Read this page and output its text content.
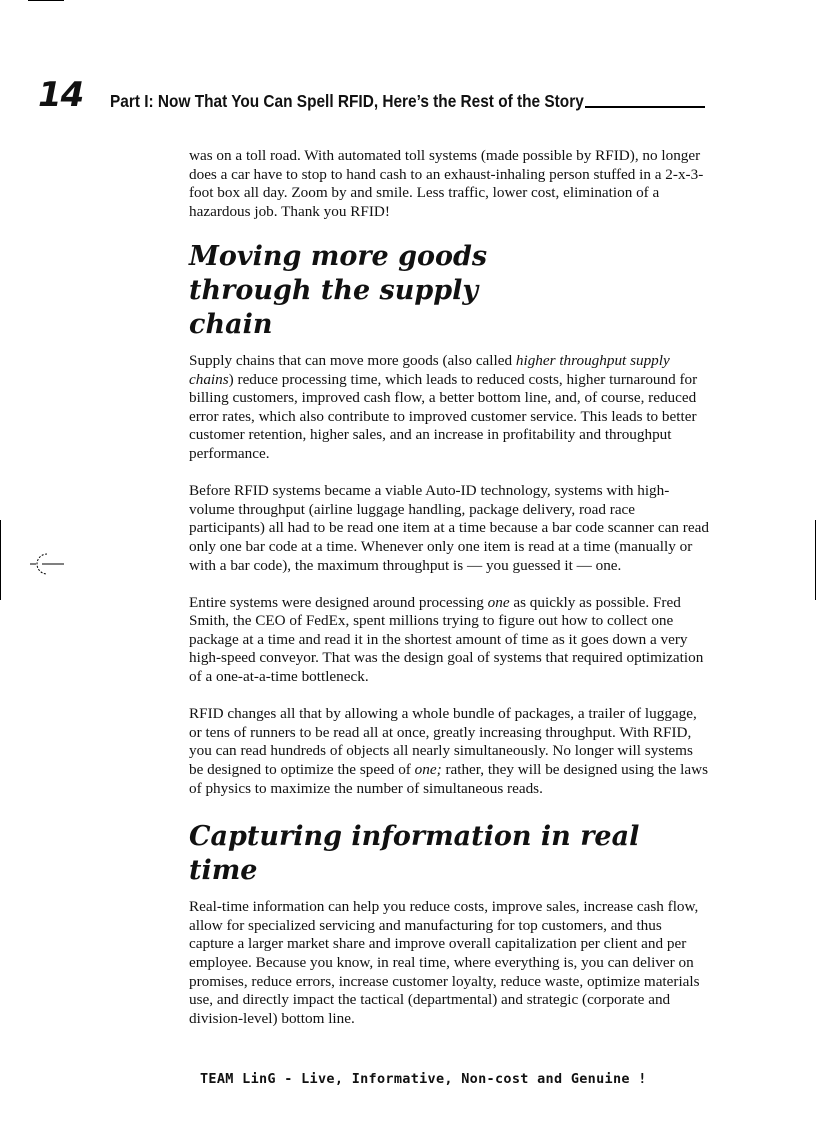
14 Part I: Now That You Can Spell RFID, Here’s the Rest of the Story

was on a toll road. With automated toll systems (made possible by RFID), no longer does a car have to stop to hand cash to an exhaust-inhaling person stuffed in a 2-x-3-foot box all day. Zoom by and smile. Less traffic, lower cost, elimination of a hazardous job. Thank you RFID!

Moving more goods through the supply chain

Supply chains that can move more goods (also called higher throughput supply chains) reduce processing time, which leads to reduced costs, higher turnaround for billing customers, improved cash flow, a better bottom line, and, of course, reduced error rates, which also contribute to improved customer service. This leads to better customer retention, higher sales, and an increase in profitability and throughput performance.

Before RFID systems became a viable Auto-ID technology, systems with high-volume throughput (airline luggage handling, package delivery, road race participants) all had to be read one item at a time because a bar code scanner can read only one bar code at a time. Whenever only one item is read at a time (manually or with a bar code), the maximum throughput is — you guessed it — one.

Entire systems were designed around processing one as quickly as possible. Fred Smith, the CEO of FedEx, spent millions trying to figure out how to collect one package at a time and read it in the shortest amount of time as it goes down a very high-speed conveyor. That was the design goal of systems that required optimization of a one-at-a-time bottleneck.

RFID changes all that by allowing a whole bundle of packages, a trailer of luggage, or tens of runners to be read all at once, greatly increasing throughput. With RFID, you can read hundreds of objects all nearly simultaneously. No longer will systems be designed to optimize the speed of one; rather, they will be designed using the laws of physics to maximize the number of simultaneous reads.

Capturing information in real time

Real-time information can help you reduce costs, improve sales, increase cash flow, allow for specialized servicing and manufacturing for top customers, and thus capture a larger market share and improve overall capitalization per client and per employee. Because you know, in real time, where everything is, you can deliver on promises, reduce errors, increase customer loyalty, reduce waste, optimize materials use, and directly impact the tactical (departmental) and strategic (corporate and division-level) bottom line.

TEAM LinG - Live, Informative, Non-cost and Genuine !
